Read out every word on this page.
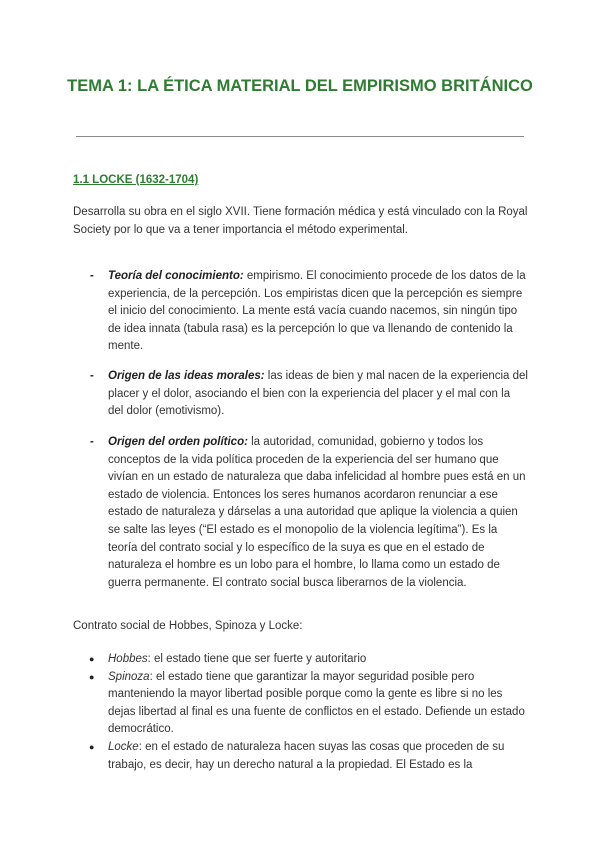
TEMA 1: LA ÉTICA MATERIAL DEL EMPIRISMO BRITÁNICO
1.1 LOCKE (1632-1704)

Desarrolla su obra en el siglo XVII. Tiene formación médica y está vinculado con la Royal Society por lo que va a tener importancia el método experimental.

- Teoría del conocimiento: empirismo. El conocimiento procede de los datos de la experiencia, de la percepción. Los empiristas dicen que la percepción es siempre el inicio del conocimiento. La mente está vacía cuando nacemos, sin ningún tipo de idea innata (tabula rasa) es la percepción lo que va llenando de contenido la mente.
- Origen de las ideas morales: las ideas de bien y mal nacen de la experiencia del placer y el dolor, asociando el bien con la experiencia del placer y el mal con la del dolor (emotivismo).
- Origen del orden político: la autoridad, comunidad, gobierno y todos los conceptos de la vida política proceden de la experiencia del ser humano que vivían en un estado de naturaleza que daba infelicidad al hombre pues está en un estado de violencia. Entonces los seres humanos acordaron renunciar a ese estado de naturaleza y dárselas a una autoridad que aplique la violencia a quien se salte las leyes (“El estado es el monopolio de la violencia legítima”). Es la teoría del contrato social y lo específico de la suya es que en el estado de naturaleza el hombre es un lobo para el hombre, lo llama como un estado de guerra permanente. El contrato social busca liberarnos de la violencia.

Contrato social de Hobbes, Spinoza y Locke:

● Hobbes: el estado tiene que ser fuerte y autoritario
● Spinoza: el estado tiene que garantizar la mayor seguridad posible pero manteniendo la mayor libertad posible porque como la gente es libre si no les dejas libertad al final es una fuente de conflictos en el estado. Defiende un estado democrático.
● Locke: en el estado de naturaleza hacen suyas las cosas que proceden de su trabajo, es decir, hay un derecho natural a la propiedad. El Estado es la
